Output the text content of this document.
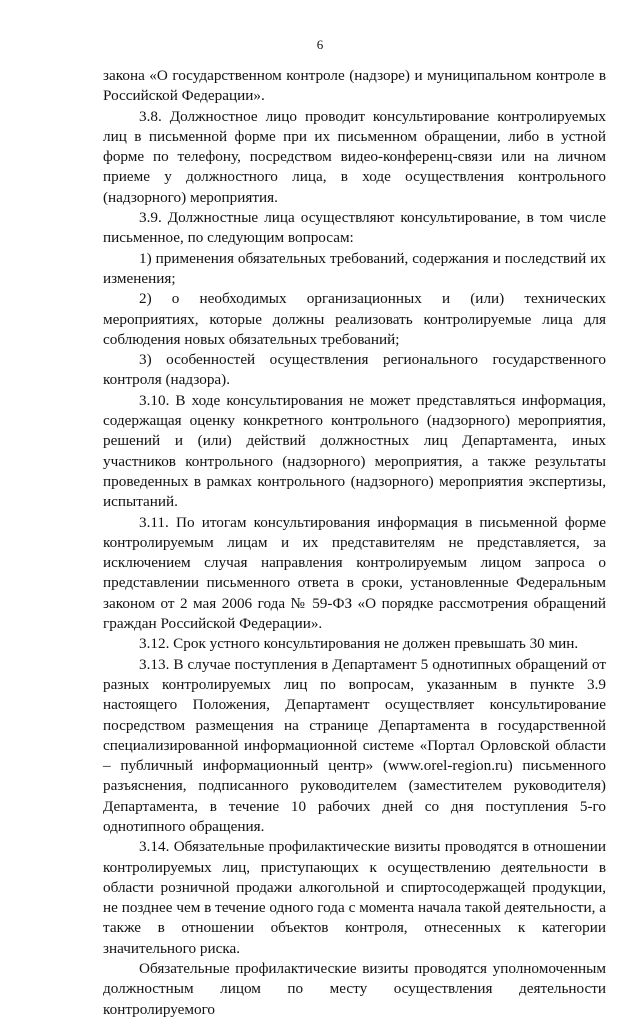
6

закона «О государственном контроле (надзоре) и муниципальном контроле в Российской Федерации».

3.8. Должностное лицо проводит консультирование контролируемых лиц в письменной форме при их письменном обращении, либо в устной форме по телефону, посредством видео-конференц-связи или на личном приеме у должностного лица, в ходе осуществления контрольного (надзорного) мероприятия.

3.9. Должностные лица осуществляют консультирование, в том числе письменное, по следующим вопросам:

1) применения обязательных требований, содержания и последствий их изменения;

2) о необходимых организационных и (или) технических мероприятиях, которые должны реализовать контролируемые лица для соблюдения новых обязательных требований;

3) особенностей осуществления регионального государственного контроля (надзора).

3.10. В ходе консультирования не может представляться информация, содержащая оценку конкретного контрольного (надзорного) мероприятия, решений и (или) действий должностных лиц Департамента, иных участников контрольного (надзорного) мероприятия, а также результаты проведенных в рамках контрольного (надзорного) мероприятия экспертизы, испытаний.

3.11. По итогам консультирования информация в письменной форме контролируемым лицам и их представителям не представляется, за исключением случая направления контролируемым лицом запроса о представлении письменного ответа в сроки, установленные Федеральным законом от 2 мая 2006 года № 59-ФЗ «О порядке рассмотрения обращений граждан Российской Федерации».

3.12. Срок устного консультирования не должен превышать 30 мин.

3.13. В случае поступления в Департамент 5 однотипных обращений от разных контролируемых лиц по вопросам, указанным в пункте 3.9 настоящего Положения, Департамент осуществляет консультирование посредством размещения на странице Департамента в государственной специализированной информационной системе «Портал Орловской области – публичный информационный центр» (www.orel-region.ru) письменного разъяснения, подписанного руководителем (заместителем руководителя) Департамента, в течение 10 рабочих дней со дня поступления 5-го однотипного обращения.

3.14. Обязательные профилактические визиты проводятся в отношении контролируемых лиц, приступающих к осуществлению деятельности в области розничной продажи алкогольной и спиртосодержащей продукции, не позднее чем в течение одного года с момента начала такой деятельности, а также в отношении объектов контроля, отнесенных к категории значительного риска.

Обязательные профилактические визиты проводятся уполномоченным должностным лицом по месту осуществления деятельности контролируемого
